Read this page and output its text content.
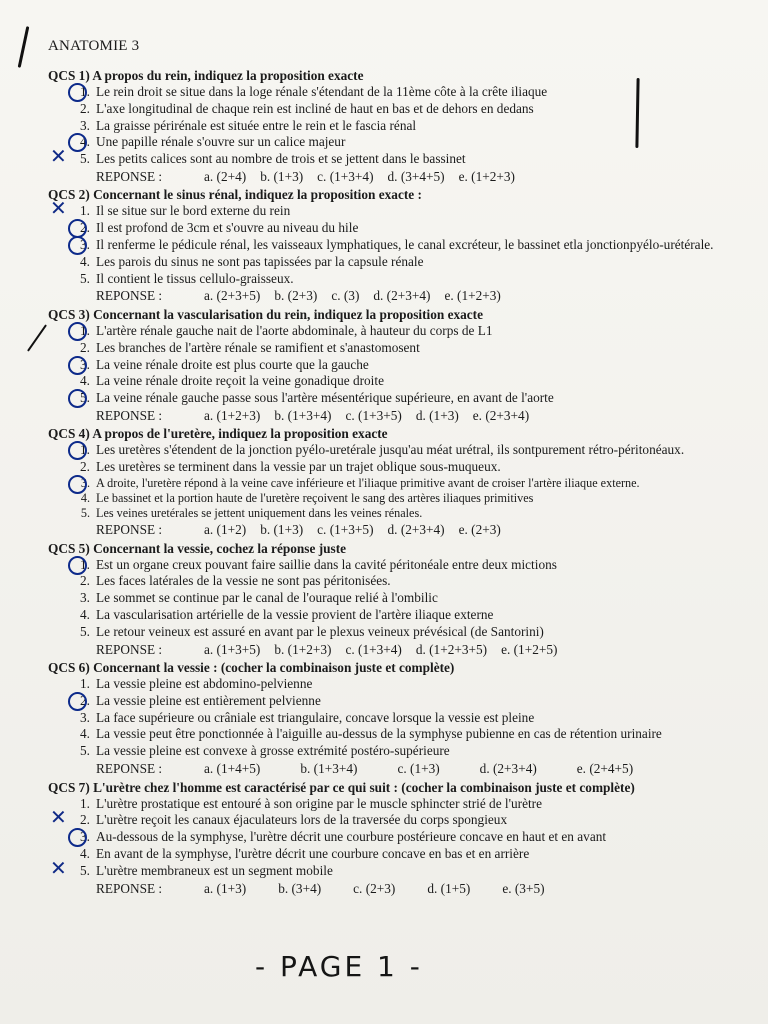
ANATOMIE 3
QCS 1) A propos du rein, indiquez la proposition exacte
1. Le rein droit se situe dans la loge rénale s'étendant de la 11ème côte à la crête iliaque
2. L'axe longitudinal de chaque rein est incliné de haut en bas et de dehors en dedans
3. La graisse périrénale est située entre le rein et le fascia rénal
4. Une papille rénale s'ouvre sur un calice majeur
5. Les petits calices sont au nombre de trois et se jettent dans le bassinet
✕
REPONSE :	a. (2+4) b. (1+3) c. (1+3+4) d. (3+4+5) e. (1+2+3)
QCS 2) Concernant le sinus rénal, indiquez la proposition exacte :
1. Il se situe sur le bord externe du rein
✕
2. Il est profond de 3cm et s'ouvre au niveau du hile
3. Il renferme le pédicule rénal, les vaisseaux lymphatiques, le canal excréteur, le bassinet etla jonctionpyélo-urétérale.
4. Les parois du sinus ne sont pas tapissées par la capsule rénale
5. Il contient le tissus cellulo-graisseux.
REPONSE :	a. (2+3+5) b. (2+3) c. (3) d. (2+3+4) e. (1+2+3)
QCS 3) Concernant la vascularisation du rein, indiquez la proposition exacte
1. L'artère rénale gauche nait de l'aorte abdominale, à hauteur du corps de L1
2. Les branches de l'artère rénale se ramifient et s'anastomosent
3. La veine rénale droite est plus courte que la gauche
4. La veine rénale droite reçoit la veine gonadique droite
5. La veine rénale gauche passe sous l'artère mésentérique supérieure, en avant de l'aorte
REPONSE :	a. (1+2+3) b. (1+3+4) c. (1+3+5) d. (1+3) e. (2+3+4)
QCS 4) A propos de l'uretère, indiquez la proposition exacte
1. Les uretères s'étendent de la jonction pyélo-uretérale jusqu'au méat urétral, ils sontpurement rétro-péritonéaux.
2. Les uretères se terminent dans la vessie par un trajet oblique sous-muqueux.
3. A droite, l'uretère répond à la veine cave inférieure et l'iliaque primitive avant de croiser l'artère iliaque externe.
4. Le bassinet et la portion haute de l'uretère reçoivent le sang des artères iliaques primitives
5. Les veines uretérales se jettent uniquement dans les veines rénales.
REPONSE :	a. (1+2) b. (1+3) c. (1+3+5) d. (2+3+4) e. (2+3)
QCS 5) Concernant la vessie, cochez la réponse juste
1. Est un organe creux pouvant faire saillie dans la cavité péritonéale entre deux mictions
2. Les faces latérales de la vessie ne sont pas péritonisées.
3. Le sommet se continue par le canal de l'ouraque relié à l'ombilic
4. La vascularisation artérielle de la vessie provient de l'artère iliaque externe
5. Le retour veineux est assuré en avant par le plexus veineux prévésical (de Santorini)
REPONSE :	a. (1+3+5) b. (1+2+3) c. (1+3+4) d. (1+2+3+5) e. (1+2+5)
QCS 6) Concernant la vessie : (cocher la combinaison juste et complète)
1. La vessie pleine est abdomino-pelvienne
2. La vessie pleine est entièrement pelvienne
3. La face supérieure ou crâniale est triangulaire, concave lorsque la vessie est pleine
4. La vessie peut être ponctionnée à l'aiguille au-dessus de la symphyse pubienne en cas de rétention urinaire
5. La vessie pleine est convexe à grosse extrémité postéro-supérieure
REPONSE :	a. (1+4+5)	b. (1+3+4)	c. (1+3)	d. (2+3+4)	e. (2+4+5)
QCS 7) L'urètre chez l'homme est caractérisé par ce qui suit : (cocher la combinaison juste et complète)
1. L'urètre prostatique est entouré à son origine par le muscle sphincter strié de l'urètre
2. L'urètre reçoit les canaux éjaculateurs lors de la traversée du corps spongieux
✕
3. Au-dessous de la symphyse, l'urètre décrit une courbure postérieure concave en haut et en avant
4. En avant de la symphyse, l'urètre décrit une courbure concave en bas et en arrière
5. L'urètre membraneux est un segment mobile
✕
REPONSE :	a. (1+3) b. (3+4) c. (2+3) d. (1+5) e. (3+5)
- PAGE 1 -
